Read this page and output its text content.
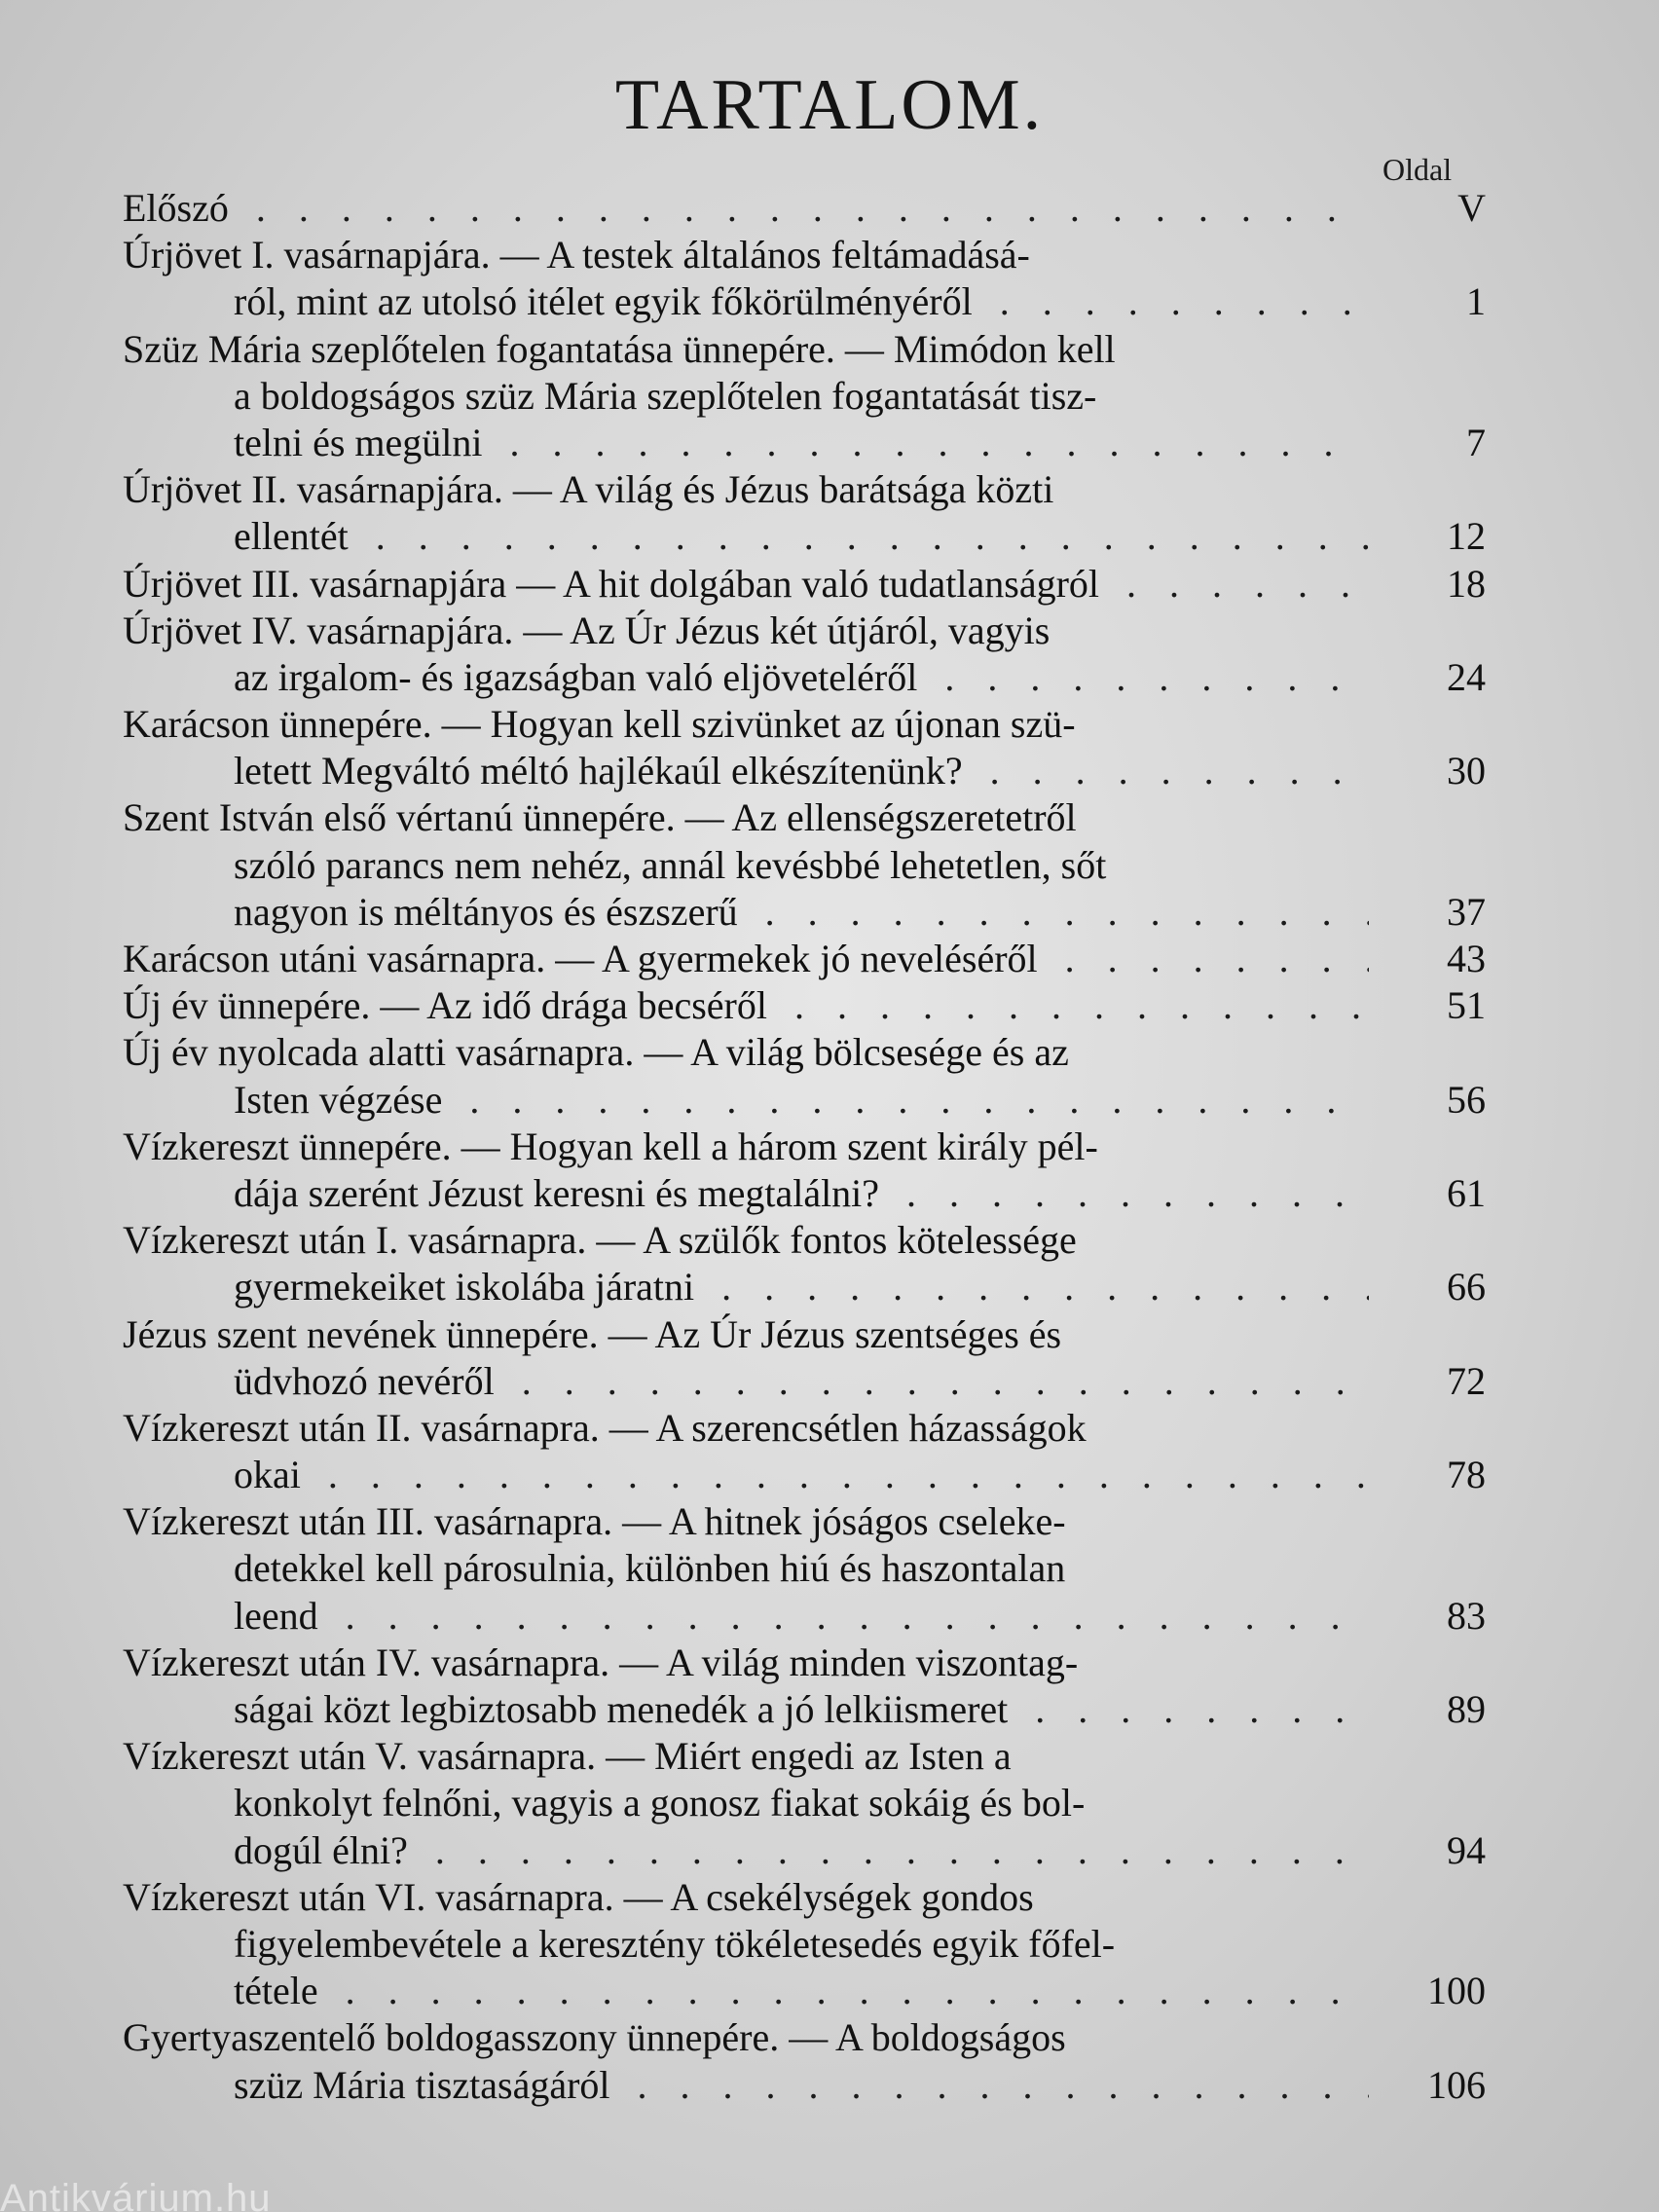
TARTALOM.
Oldal
Előszó . . .	V
Úrjövet I. vasárnapjára. — A testek általános feltámadásá-
ról, mint az utolsó itélet egyik főkörülményéről . . .	1
Szüz Mária szeplőtelen fogantatása ünnepére. — Mimódon kell
a boldogságos szüz Mária szeplőtelen fogantatását tisz-
telni és megülni . . .	7
Úrjövet II. vasárnapjára. — A világ és Jézus barátsága közti
ellentét . . .	12
Úrjövet III. vasárnapjára — A hit dolgában való tudatlanságról . . .	18
Úrjövet IV. vasárnapjára. — Az Úr Jézus két útjáról, vagyis
az irgalom- és igazságban való eljöveteléről . . .	24
Karácson ünnepére. — Hogyan kell szivünket az újonan szü-
letett Megváltó méltó hajlékaúl elkészítenünk? . . .	30
Szent István első vértanú ünnepére. — Az ellenségszeretetről
szóló parancs nem nehéz, annál kevésbbé lehetetlen, sőt
nagyon is méltányos és észszerű . . .	37
Karácson utáni vasárnapra. — A gyermekek jó neveléséről . . .	43
Új év ünnepére. — Az idő drága becséről . . .	51
Új év nyolcada alatti vasárnapra. — A világ bölcsesége és az
Isten végzése . . .	56
Vízkereszt ünnepére. — Hogyan kell a három szent király pél-
dája szerént Jézust keresni és megtalálni? . . .	61
Vízkereszt után I. vasárnapra. — A szülők fontos kötelessége
gyermekeiket iskolába járatni . . .	66
Jézus szent nevének ünnepére. — Az Úr Jézus szentséges és
üdvhozó nevéről . . .	72
Vízkereszt után II. vasárnapra. — A szerencsétlen házasságok
okai . . .	78
Vízkereszt után III. vasárnapra. — A hitnek jóságos cseleke-
detekkel kell párosulnia, különben hiú és haszontalan
leend . . .	83
Vízkereszt után IV. vasárnapra. — A világ minden viszontag-
ságai közt legbiztosabb menedék a jó lelkiismeret . . .	89
Vízkereszt után V. vasárnapra. — Miért engedi az Isten a
konkolyt felnőni, vagyis a gonosz fiakat sokáig és bol-
dogúl élni? . . .	94
Vízkereszt után VI. vasárnapra. — A csekélységek gondos
figyelembevétele a keresztény tökéletesedés egyik főfel-
tétele . . .	100
Gyertyaszentelő boldogasszony ünnepére. — A boldogságos
szüz Mária tisztaságáról . . .	106
Antikvárium.hu
